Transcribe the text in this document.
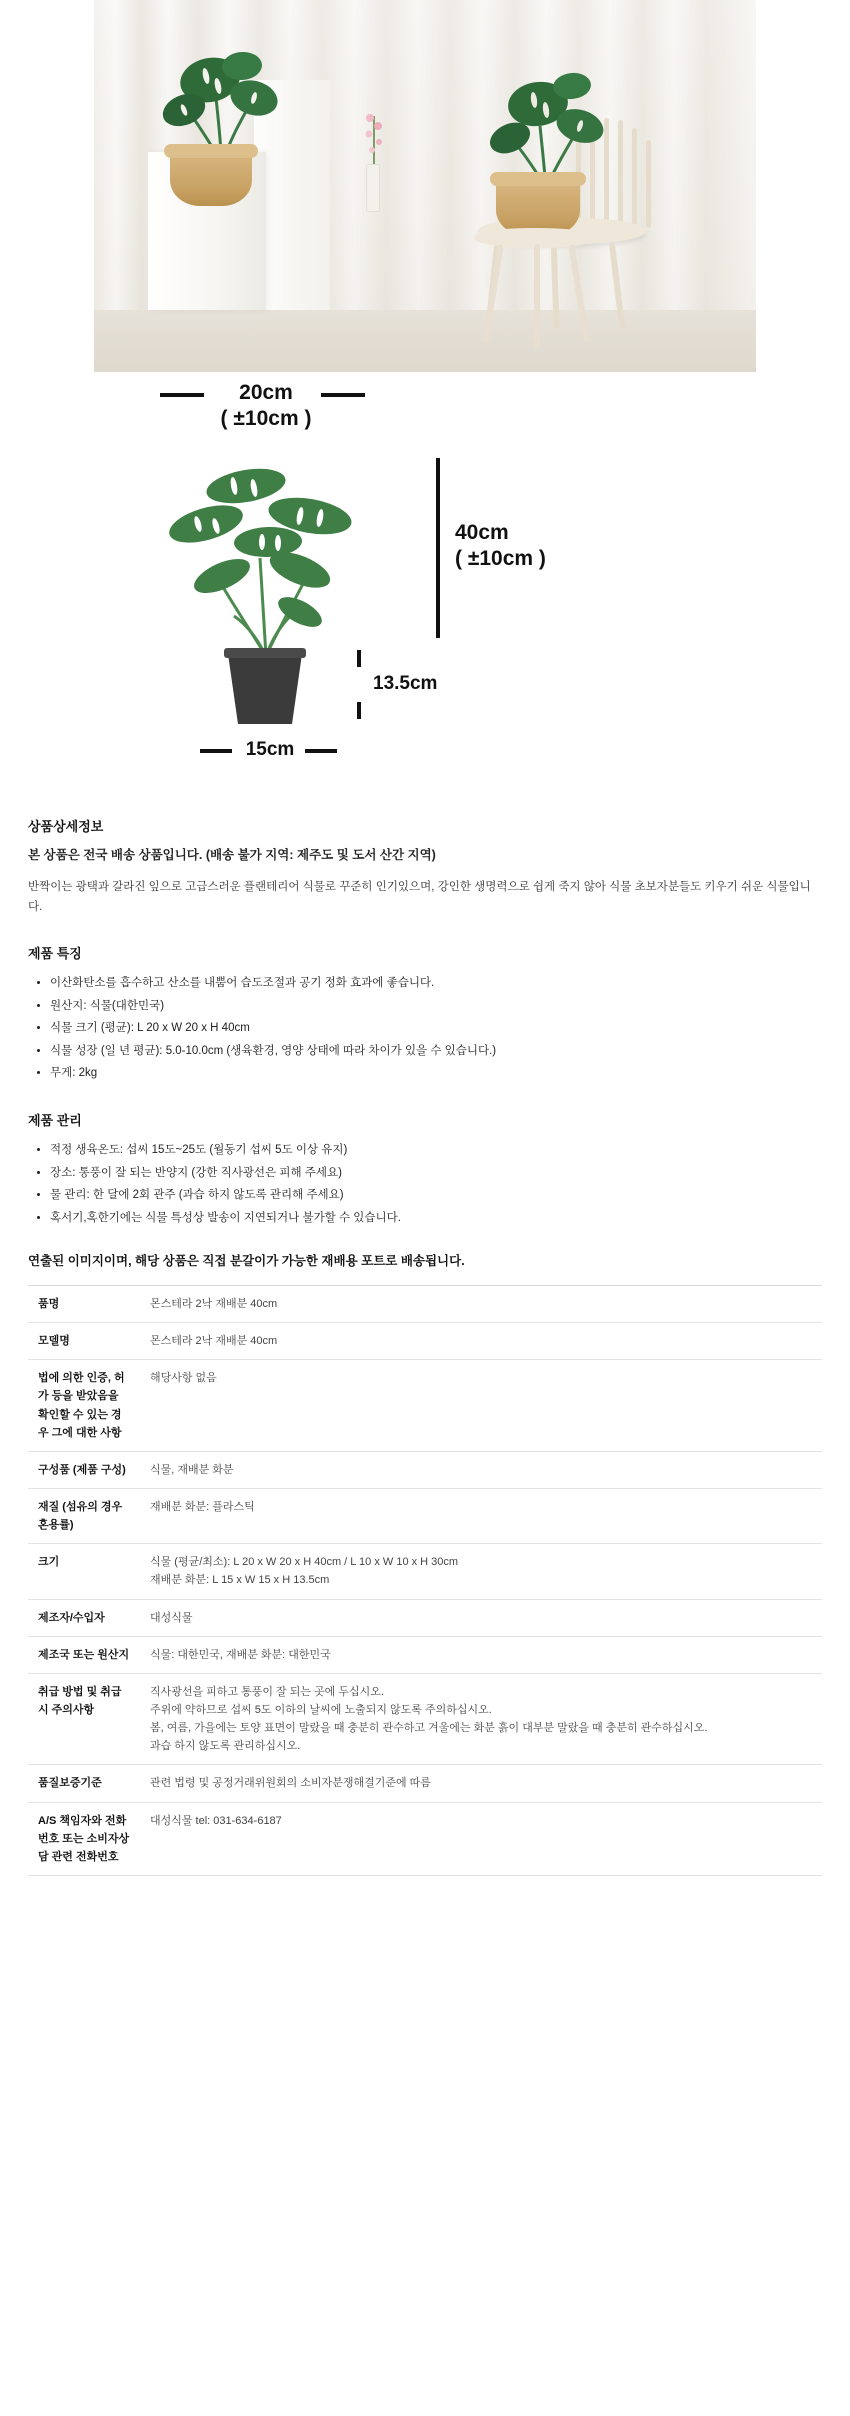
20cm
( ±10cm )
40cm
( ±10cm )
13.5cm
15cm
상품상세정보

본 상품은 전국 배송 상품입니다. (배송 불가 지역: 제주도 및 도서 산간 지역)

반짝이는 광택과 갈라진 잎으로 고급스러운 플랜테리어 식물로 꾸준히 인기있으며, 강인한 생명력으로 쉽게 죽지 않아 식물 초보자분들도 키우기 쉬운 식물입니다.

제품 특징
• 이산화탄소를 흡수하고 산소를 내뿜어 습도조절과 공기 정화 효과에 좋습니다.
• 원산지: 식물(대한민국)
• 식물 크기 (평균): L 20 x W 20 x H 40cm
• 식물 성장 (일 년 평균): 5.0-10.0cm (생육환경, 영양 상태에 따라 차이가 있을 수 있습니다.)
• 무게: 2kg
제품 관리
• 적정 생육온도: 섭씨 15도~25도 (월동기 섭씨 5도 이상 유지)
• 장소: 통풍이 잘 되는 반양지 (강한 직사광선은 피해 주세요)
• 물 관리: 한 달에 2회 관주 (과습 하지 않도록 관리해 주세요)
• 혹서기,혹한기에는 식물 특성상 발송이 지연되거나 불가할 수 있습니다.

연출된 이미지이며, 해당 상품은 직접 분갈이가 가능한 재배용 포트로 배송됩니다.

품명	몬스테라 2낙 재배분 40cm

모델명	몬스테라 2낙 재배분 40cm

법에 의한 인증, 허가 등을 받았음을 확인할 수 있는 경우 그에 대한 사항	해당사항 없음

구성품 (제품 구성)	식물, 재배분 화분

재질 (섬유의 경우 혼용률)	재배분 화분: 플라스틱

크기	식물 (평균/최소): L 20 x W 20 x H 40cm / L 10 x W 10 x H 30cm
재배분 화분: L 15 x W 15 x H 13.5cm

제조자/수입자	대성식물

제조국 또는 원산지	식물: 대한민국, 재배분 화분: 대한민국

취급 방법 및 취급 시 주의사항	직사광선을 피하고 통풍이 잘 되는 곳에 두십시오.
주위에 약하므로 섭씨 5도 이하의 날씨에 노출되지 않도록 주의하십시오.
봄, 여름, 가을에는 토양 표면이 말랐을 때 충분히 관수하고 겨울에는 화분 흙이 대부분 말랐을 때 충분히 관수하십시오.
과습 하지 않도록 관리하십시오.

품질보증기준	관련 법령 및 공정거래위원회의 소비자분쟁해결기준에 따름

A/S 책임자와 전화번호 또는 소비자상담 관련 전화번호	대성식물 tel: 031-634-6187
